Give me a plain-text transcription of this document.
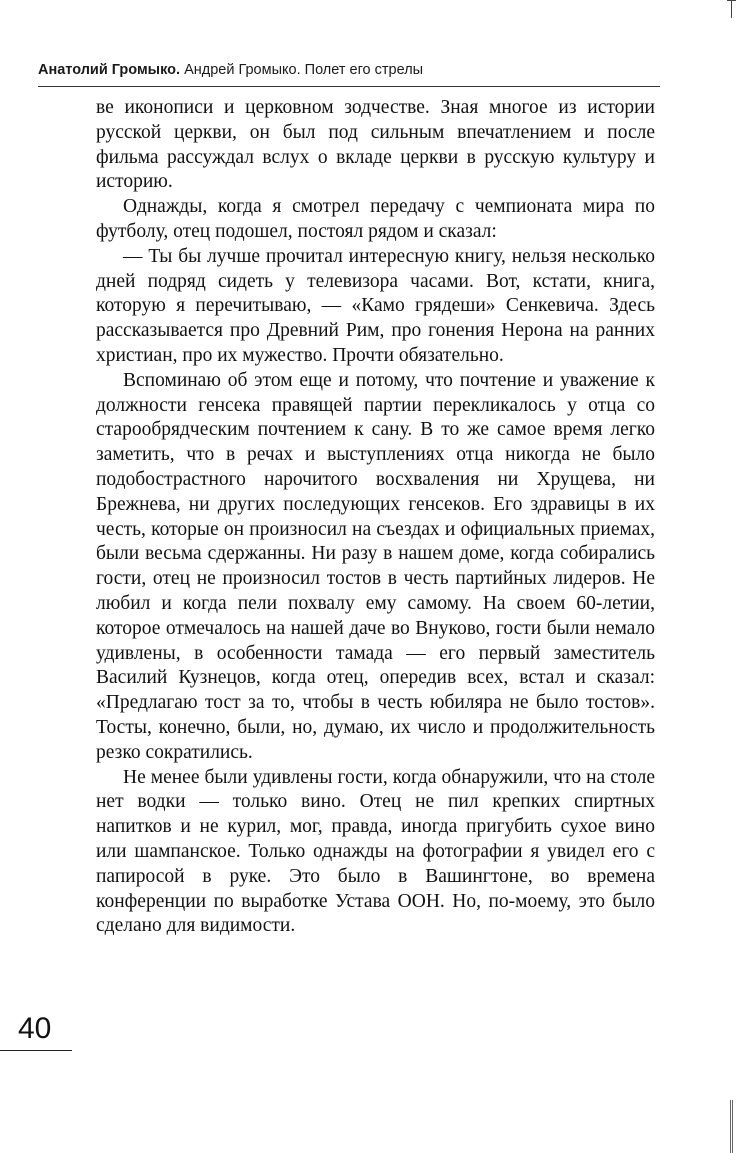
Анатолий Громыко. Андрей Громыко. Полет его стрелы

ве иконописи и церковном зодчестве. Зная многое из истории русской церкви, он был под сильным впечатлением и после фильма рассуждал вслух о вкладе церкви в русскую культуру и историю.

Однажды, когда я смотрел передачу с чемпионата мира по футболу, отец подошел, постоял рядом и сказал:

— Ты бы лучше прочитал интересную книгу, нельзя несколько дней подряд сидеть у телевизора часами. Вот, кстати, книга, которую я перечитываю, — «Камо грядеши» Сенкевича. Здесь рассказывается про Древний Рим, про гонения Нерона на ранних христиан, про их мужество. Прочти обязательно.

Вспоминаю об этом еще и потому, что почтение и уважение к должности генсека правящей партии перекликалось у отца со старообрядческим почтением к сану. В то же самое время легко заметить, что в речах и выступлениях отца никогда не было подобострастного нарочитого восхваления ни Хрущева, ни Брежнева, ни других последующих генсеков. Его здравицы в их честь, которые он произносил на съездах и официальных приемах, были весьма сдержанны. Ни разу в нашем доме, когда собирались гости, отец не произносил тостов в честь партийных лидеров. Не любил и когда пели похвалу ему самому. На своем 60-летии, которое отмечалось на нашей даче во Внуково, гости были немало удивлены, в особенности тамада — его первый заместитель Василий Кузнецов, когда отец, опередив всех, встал и сказал: «Предлагаю тост за то, чтобы в честь юбиляра не было тостов». Тосты, конечно, были, но, думаю, их число и продолжительность резко сократились.

Не менее были удивлены гости, когда обнаружили, что на столе нет водки — только вино. Отец не пил крепких спиртных напитков и не курил, мог, правда, иногда пригубить сухое вино или шампанское. Только однажды на фотографии я увидел его с папиросой в руке. Это было в Вашингтоне, во времена конференции по выработке Устава ООН. Но, по-моему, это было сделано для видимости.

40
